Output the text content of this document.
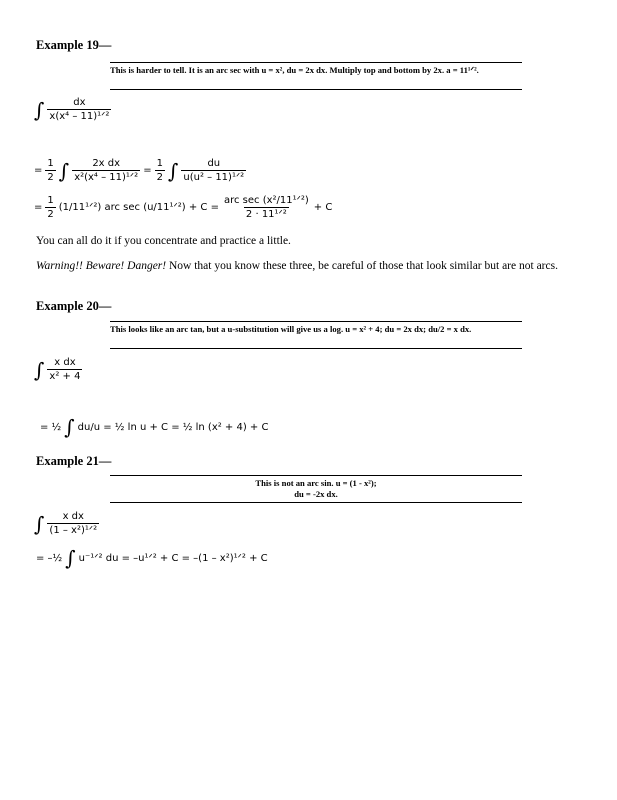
Example 19—
This is harder to tell. It is an arc sec with u = x², du = 2x dx. Multiply top and bottom by 2x. a = 11¹ᐟ².
∫ $\frac{dx}{\text{x(x⁴ – 11)¹ᐟ²}}$
= $\frac{1}{2}$ ∫ $\frac{\text{2x dx}}{\text{x²(x⁴ – 11)¹ᐟ²}} = \frac{1}{2}$ ∫ $\frac{du}{\text{u(u² – 11)¹ᐟ²}}$
= $\frac{1}{2}$ (1/11¹ᐟ²) arc sec (u/11¹ᐟ²) + $C = \frac{\text{arc sec (x²/11¹ᐟ²)}}{\text{2 · 11¹ᐟ²}} + C$
You can all do it if you concentrate and practice a little.
Warning!! Beware! Danger! Now that you know these three, be careful of those that look similar but are not arcs.
Example 20—
This looks like an arc tan, but a u-substitution will give us a log. u = x² + 4; du = 2x dx; du/2 = x dx.
∫ $\frac{\text{x dx}}{\text{x² + 4}}$
= ½ ∫ du/u = ½ ln u + C = ½ ln (x² + 4) + C
Example 21—
This is not an arc sin. u = (1 - x²);
du = -2x dx.
∫ $\frac{\text{x dx}}{\text{(1 – x²)¹ᐟ²}}$
= –½ ∫ u⁻¹ᐟ² du = –u¹ᐟ² + C = –(1 – x²)¹ᐟ² + C
